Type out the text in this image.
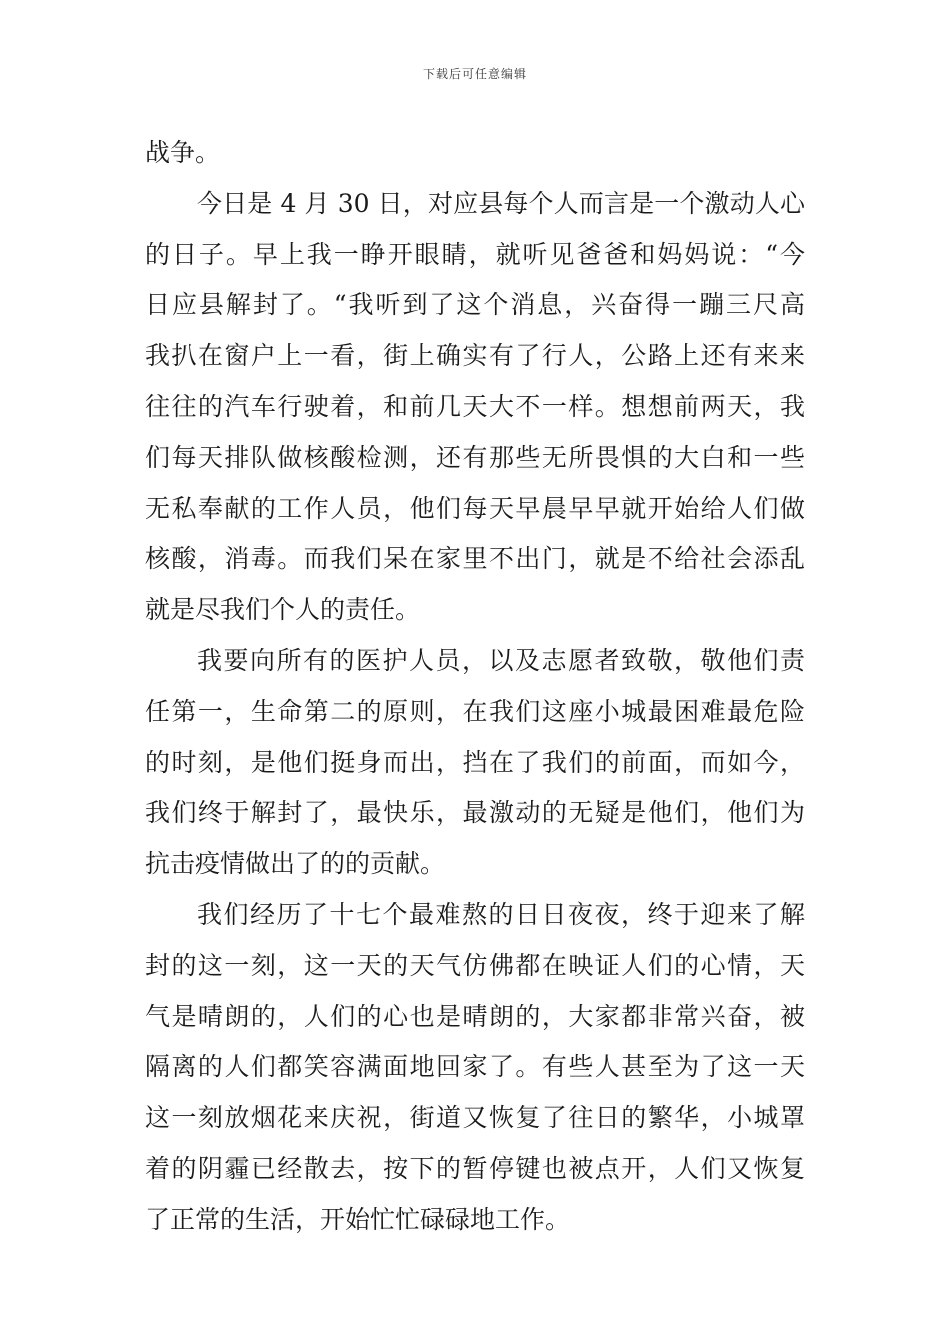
下载后可任意编辑
战争。
今日是 4 月 30 日，对应县每个人而言是一个激动人心
的日子。早上我一睁开眼睛，就听见爸爸和妈妈说：“今
日应县解封了。“我听到了这个消息，兴奋得一蹦三尺高
我扒在窗户上一看，街上确实有了行人，公路上还有来来
往往的汽车行驶着，和前几天大不一样。想想前两天，我
们每天排队做核酸检测，还有那些无所畏惧的大白和一些
无私奉献的工作人员，他们每天早晨早早就开始给人们做
核酸，消毒。而我们呆在家里不出门，就是不给社会添乱
就是尽我们个人的责任。
我要向所有的医护人员，以及志愿者致敬，敬他们责
任第一，生命第二的原则，在我们这座小城最困难最危险
的时刻，是他们挺身而出，挡在了我们的前面，而如今，
我们终于解封了，最快乐，最激动的无疑是他们，他们为
抗击疫情做出了的的贡献。
我们经历了十七个最难熬的日日夜夜，终于迎来了解
封的这一刻，这一天的天气仿佛都在映证人们的心情，天
气是晴朗的，人们的心也是晴朗的，大家都非常兴奋，被
隔离的人们都笑容满面地回家了。有些人甚至为了这一天
这一刻放烟花来庆祝，街道又恢复了往日的繁华，小城罩
着的阴霾已经散去，按下的暂停键也被点开，人们又恢复
了正常的生活，开始忙忙碌碌地工作。
